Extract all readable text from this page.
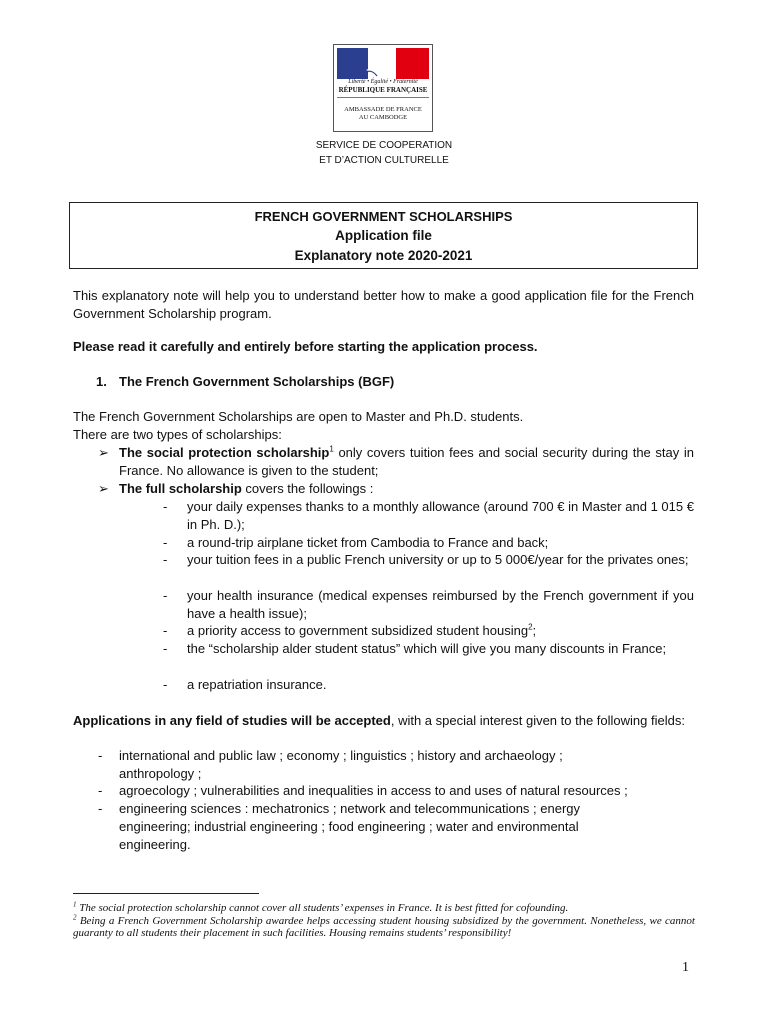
Liberté • Égalité • Fraternité
RÉPUBLIQUE FRANÇAISE
AMBASSADE DE FRANCE
AU CAMBODGE
SERVICE DE COOPERATION
ET D’ACTION CULTURELLE
FRENCH GOVERNMENT SCHOLARSHIPS
Application file
Explanatory note 2020-2021

This explanatory note will help you to understand better how to make a good application file for the French Government Scholarship program.

Please read it carefully and entirely before starting the application process.

1. The French Government Scholarships (BGF)

The French Government Scholarships are open to Master and Ph.D. students.

There are two types of scholarships:

➢ The social protection scholarship$^1$ only covers tuition fees and social security during the stay in France. No allowance is given to the student;

➢ The full scholarship covers the followings :

- your daily expenses thanks to a monthly allowance (around 700 € in Master and 1 015 € in Ph. D.);

- a round-trip airplane ticket from Cambodia to France and back;

- your tuition fees in a public French university or up to 5 000€/year for the privates ones;

- your health insurance (medical expenses reimbursed by the French government if you have a health issue);

- a priority access to government subsidized student housing$^2$;

- the “scholarship alder student status” which will give you many discounts in France;

- a repatriation insurance.

Applications in any field of studies will be accepted, with a special interest given to the following fields:

- international and public law ; economy ; linguistics ; history and archaeology ; anthropology ;

- agroecology ; vulnerabilities and inequalities in access to and uses of natural resources ;

- engineering sciences : mechatronics ; network and telecommunications ; energy engineering; industrial engineering ; food engineering ; water and environmental engineering.

$^1$ The social protection scholarship cannot cover all students’ expenses in France. It is best fitted for cofounding.

$^2$ Being a French Government Scholarship awardee helps accessing student housing subsidized by the government. Nonetheless, we cannot guaranty to all students their placement in such facilities. Housing remains students’ responsibility!

1
